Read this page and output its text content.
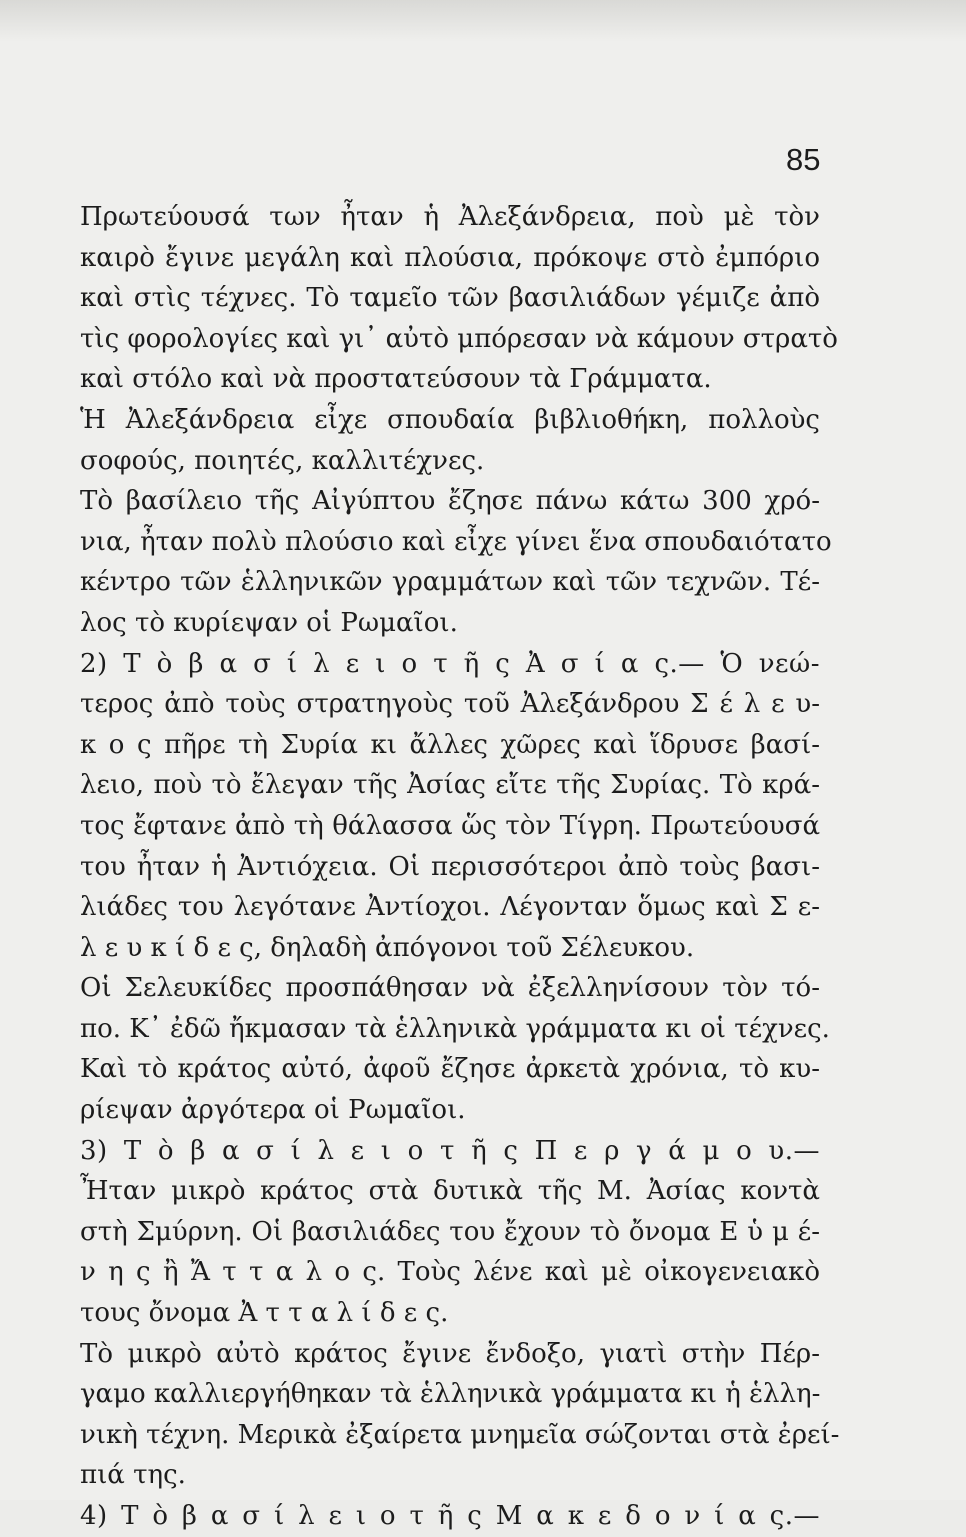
85
Πρωτεύουσά των ἦταν ἡ Ἀλεξάνδρεια, ποὺ μὲ τὸν
καιρὸ ἔγινε μεγάλη καὶ πλούσια, πρόκοψε στὸ ἐμπόριο
καὶ στὶς τέχνες. Τὸ ταμεῖο τῶν βασιλιάδων γέμιζε ἀπὸ
τὶς φορολογίες καὶ γι᾽ αὐτὸ μπόρεσαν νὰ κάμουν στρατὸ
καὶ στόλο καὶ νὰ προστατεύσουν τὰ Γράμματα.
Ἡ Ἀλεξάνδρεια εἶχε σπουδαία βιβλιοθήκη, πολλοὺς
σοφούς, ποιητές, καλλιτέχνες.
Τὸ βασίλειο τῆς Αἰγύπτου ἔζησε πάνω κάτω 300 χρό-
νια, ἦταν πολὺ πλούσιο καὶ εἶχε γίνει ἕνα σπουδαιότατο
κέντρο τῶν ἑλληνικῶν γραμμάτων καὶ τῶν τεχνῶν. Τέ-
λος τὸ κυρίεψαν οἱ Ρωμαῖοι.
2) Τ ὸ β α σ ί λ ε ι ο τ ῆ ς Ἀ σ ί α ς.— Ὁ νεώ-
τερος ἀπὸ τοὺς στρατηγοὺς τοῦ Ἀλεξάνδρου Σ έ λ ε υ-
κ ο ς πῆρε τὴ Συρία κι ἄλλες χῶρες καὶ ἵδρυσε βασί-
λειο, ποὺ τὸ ἔλεγαν τῆς Ἀσίας εἴτε τῆς Συρίας. Τὸ κρά-
τος ἔφτανε ἀπὸ τὴ θάλασσα ὥς τὸν Τίγρη. Πρωτεύουσά
του ἦταν ἡ Ἀντιόχεια. Οἱ περισσότεροι ἀπὸ τοὺς βασι-
λιάδες του λεγότανε Ἀντίοχοι. Λέγονταν ὅμως καὶ Σ ε-
λ ε υ κ ί δ ε ς, δηλαδὴ ἀπόγονοι τοῦ Σέλευκου.
Οἱ Σελευκίδες προσπάθησαν νὰ ἐξελληνίσουν τὸν τό-
πο. Κ᾽ ἐδῶ ἤκμασαν τὰ ἑλληνικὰ γράμματα κι οἱ τέχνες.
Καὶ τὸ κράτος αὐτό, ἀφοῦ ἔζησε ἀρκετὰ χρόνια, τὸ κυ-
ρίεψαν ἀργότερα οἱ Ρωμαῖοι.
3) Τ ὸ β α σ ί λ ε ι ο τ ῆ ς Π ε ρ γ ά μ ο υ.—
Ἦταν μικρὸ κράτος στὰ δυτικὰ τῆς Μ. Ἀσίας κοντὰ
στὴ Σμύρνη. Οἱ βασιλιάδες του ἔχουν τὸ ὄνομα Ε ὑ μ έ-
ν η ς ἢ Ἄ τ τ α λ ο ς. Τοὺς λένε καὶ μὲ οἰκογενειακὸ
τους ὄνομα Ἀ τ τ α λ ί δ ε ς.
Τὸ μικρὸ αὐτὸ κράτος ἔγινε ἔνδοξο, γιατὶ στὴν Πέρ-
γαμο καλλιεργήθηκαν τὰ ἑλληνικὰ γράμματα κι ἡ ἑλλη-
νικὴ τέχνη. Μερικὰ ἐξαίρετα μνημεῖα σώζονται στὰ ἐρεί-
πιά της.
4) Τ ὸ β α σ ί λ ε ι ο τ ῆ ς Μ α κ ε δ ο ν ί α ς.—
